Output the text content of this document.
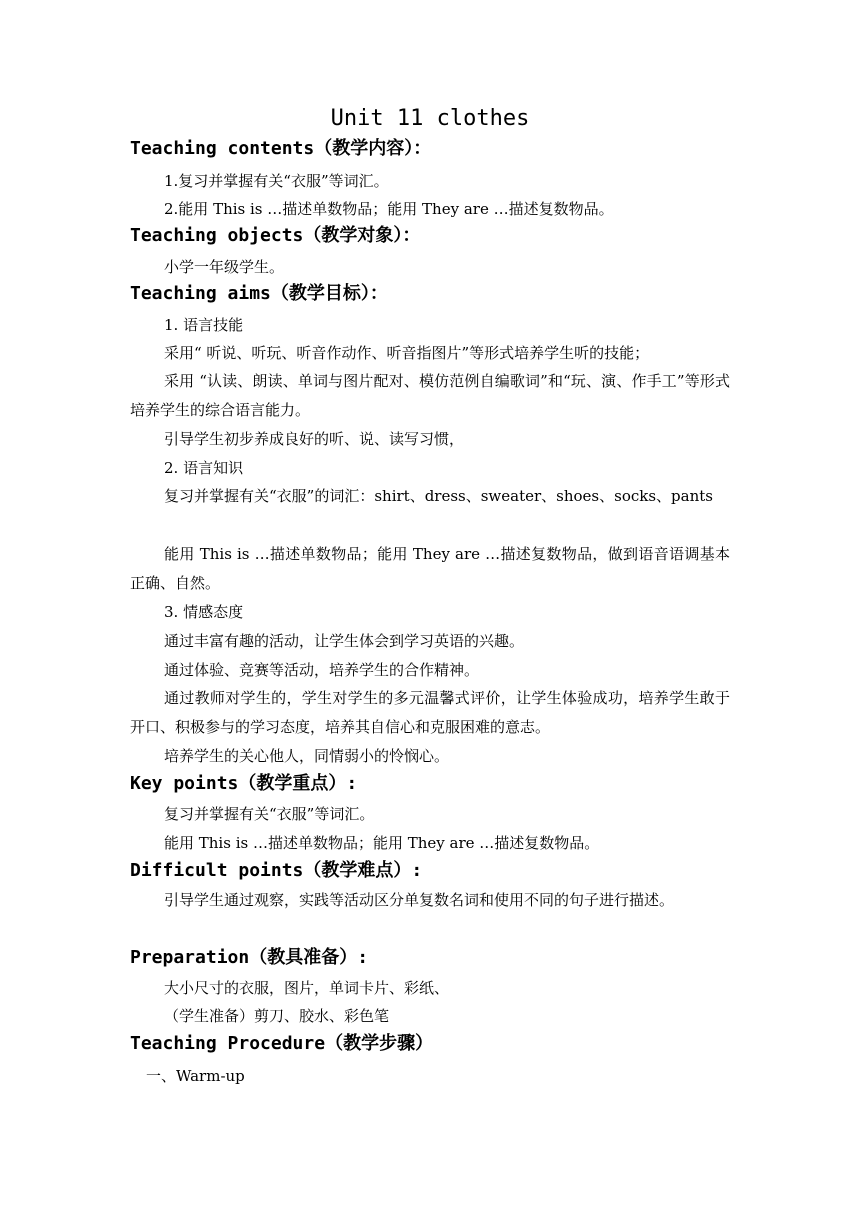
Unit 11 clothes
Teaching contents（教学内容）：
1.复习并掌握有关“衣服”等词汇。
2.能用 This is …描述单数物品；能用 They are …描述复数物品。
Teaching objects（教学对象）：
小学一年级学生。
Teaching aims（教学目标）：
1. 语言技能
采用“ 听说、听玩、听音作动作、听音指图片”等形式培养学生听的技能；
采用 “认读、朗读、单词与图片配对、模仿范例自编歌词”和“玩、演、作手工”等形式培养学生的综合语言能力。
引导学生初步养成良好的听、说、读写习惯，
2. 语言知识
复习并掌握有关“衣服”的词汇：shirt、dress、sweater、shoes、socks、pants
能用 This is …描述单数物品；能用 They are …描述复数物品，做到语音语调基本正确、自然。
3. 情感态度
通过丰富有趣的活动，让学生体会到学习英语的兴趣。
通过体验、竞赛等活动，培养学生的合作精神。
通过教师对学生的，学生对学生的多元温馨式评价，让学生体验成功，培养学生敢于开口、积极参与的学习态度，培养其自信心和克服困难的意志。
培养学生的关心他人，同情弱小的怜悯心。
Key points（教学重点）:
复习并掌握有关“衣服”等词汇。
能用 This is …描述单数物品；能用 They are …描述复数物品。
Difficult points（教学难点）:
引导学生通过观察，实践等活动区分单复数名词和使用不同的句子进行描述。
Preparation（教具准备）:
大小尺寸的衣服，图片，单词卡片、彩纸、
（学生准备）剪刀、胶水、彩色笔
Teaching Procedure（教学步骤）
一、Warm-up
